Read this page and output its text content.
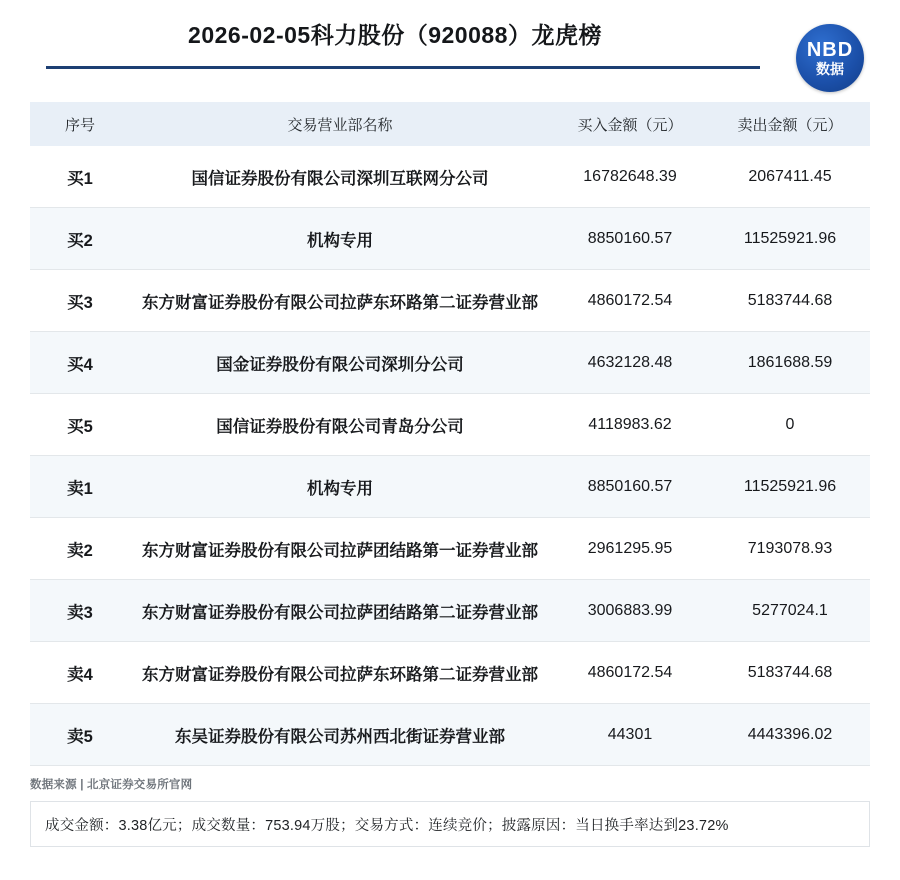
2026-02-05科力股份（920088）龙虎榜
NBD
数据
序号	交易营业部名称	买入金额（元）	卖出金额（元）
买1	国信证券股份有限公司深圳互联网分公司	16782648.39	2067411.45
买2	机构专用	8850160.57	11525921.96
买3	东方财富证券股份有限公司拉萨东环路第二证券营业部	4860172.54	5183744.68
买4	国金证券股份有限公司深圳分公司	4632128.48	1861688.59
买5	国信证券股份有限公司青岛分公司	4118983.62	0
卖1	机构专用	8850160.57	11525921.96
卖2	东方财富证券股份有限公司拉萨团结路第一证券营业部	2961295.95	7193078.93
卖3	东方财富证券股份有限公司拉萨团结路第二证券营业部	3006883.99	5277024.1
卖4	东方财富证券股份有限公司拉萨东环路第二证券营业部	4860172.54	5183744.68
卖5	东吴证券股份有限公司苏州西北街证券营业部	44301	4443396.02
数据来源 | 北京证券交易所官网
成交金额：3.38亿元；成交数量：753.94万股；交易方式：连续竞价；披露原因：当日换手率达到23.72%
